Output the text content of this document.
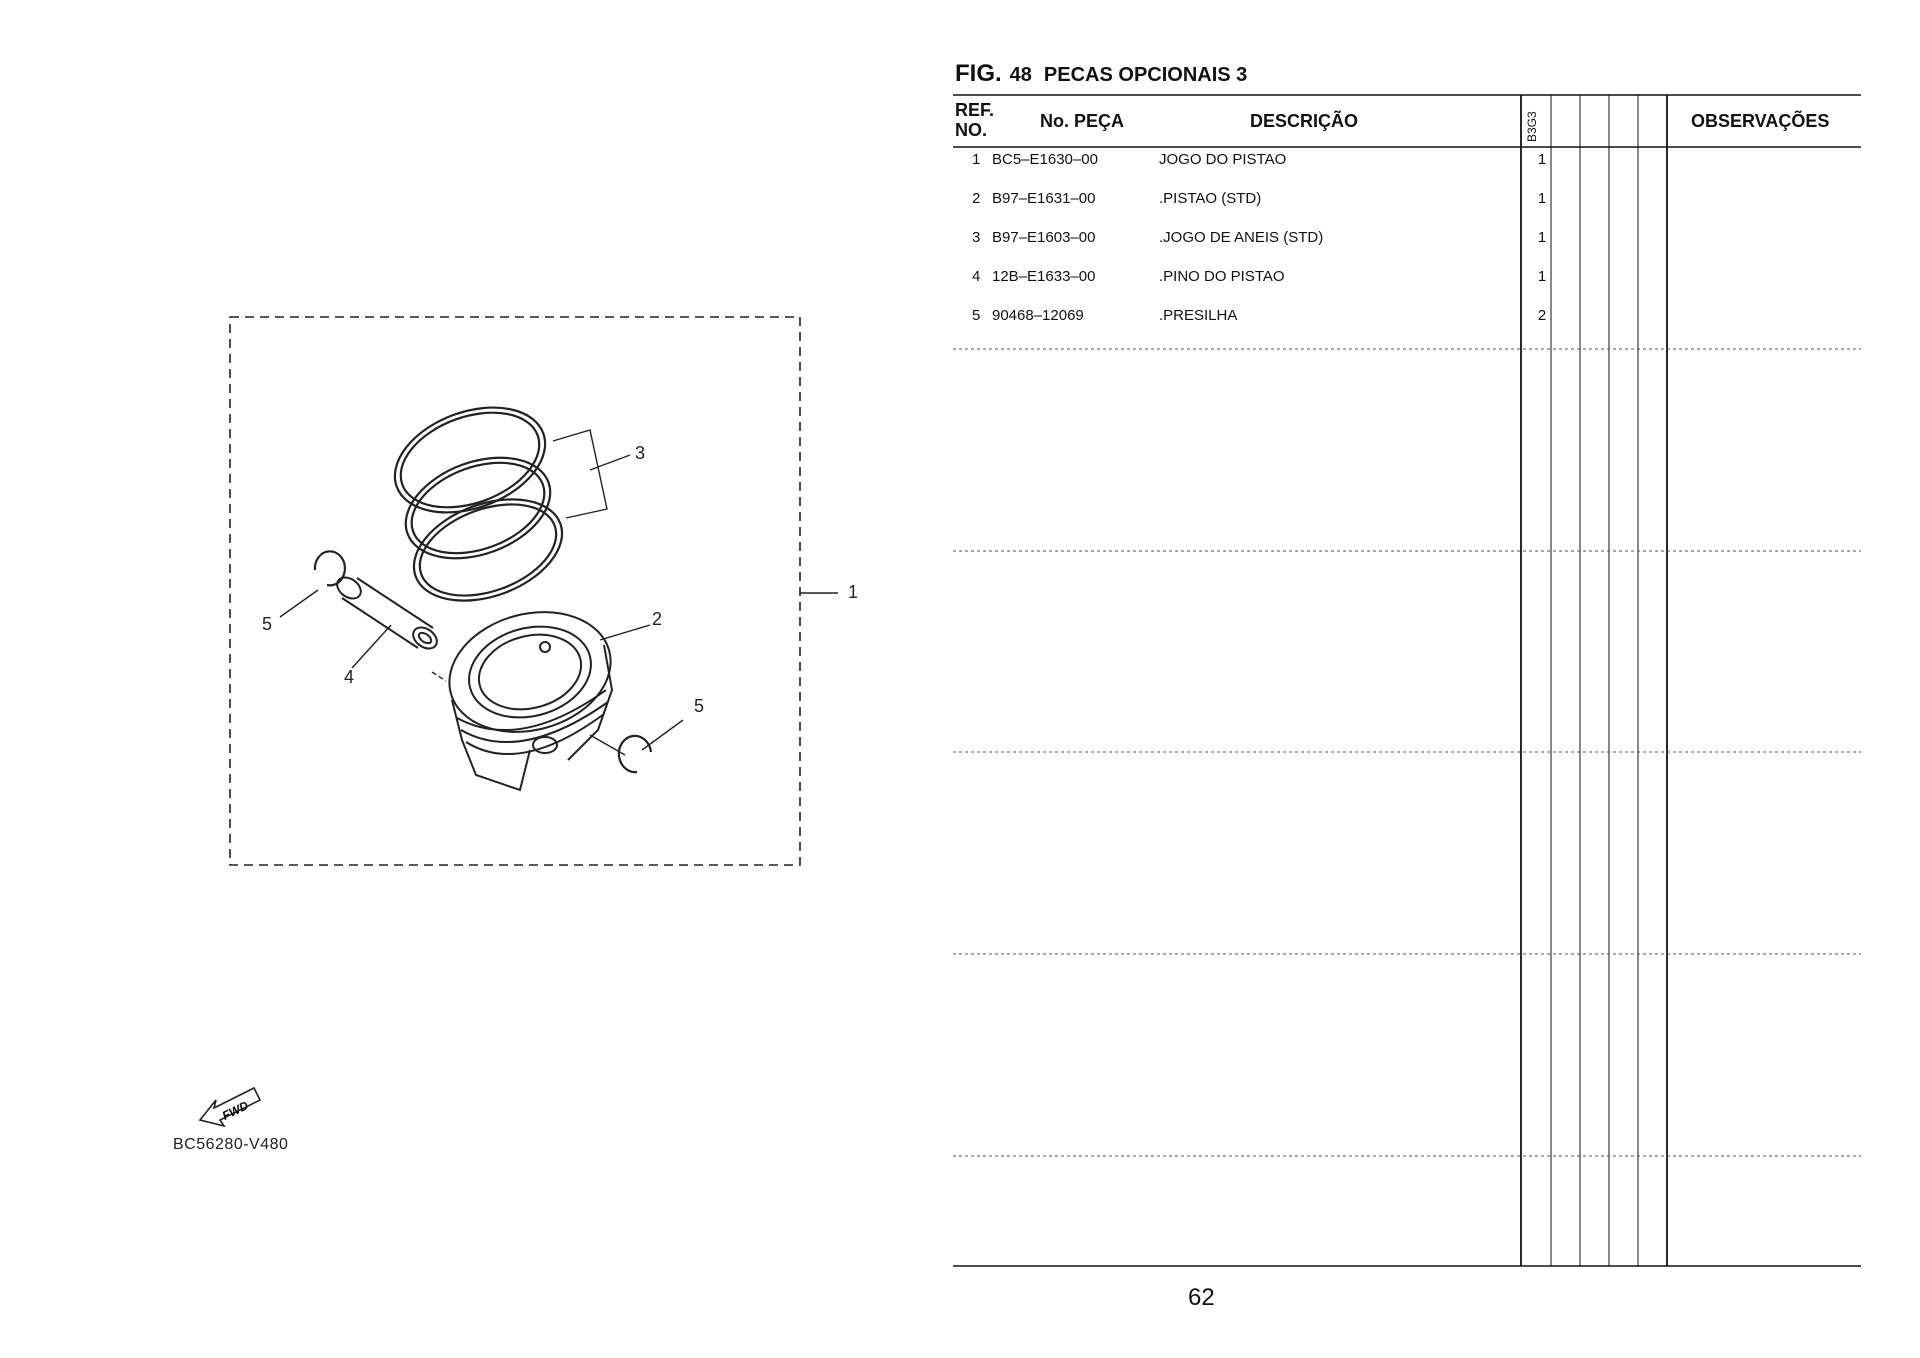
FWD
1
2
3
4
5
5
BC56280-V480
FIG. 48 PECAS OPCIONAIS 3
REF.
NO.	No. PEÇA	DESCRIÇÃO	B3G3	OBSERVAÇÕES
1 BC5–E1630–00	JOGO DO PISTAO	1
2 B97–E1631–00	.PISTAO (STD)	1
3 B97–E1603–00	.JOGO DE ANEIS (STD)	1
4 12B–E1633–00	.PINO DO PISTAO	1
5 90468–12069	.PRESILHA	2
62
